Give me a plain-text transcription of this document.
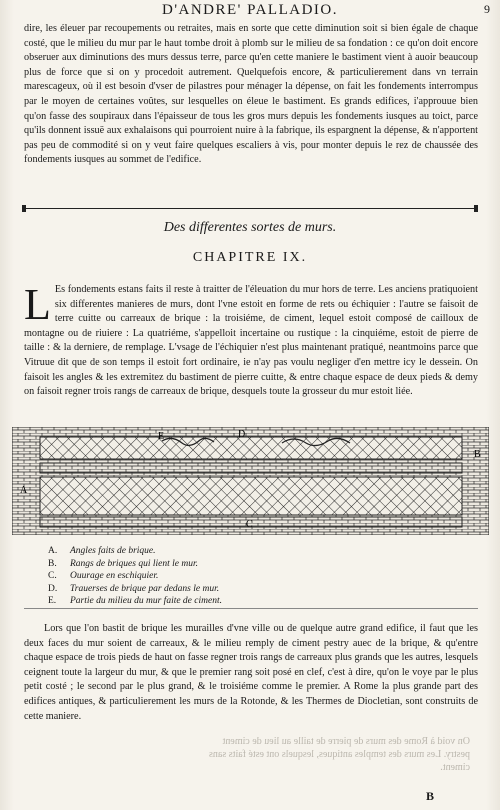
D'ANDRE' PALLADIO.	9

dire, les éleuer par recoupements ou retraites, mais en sorte que cette diminution soit si bien égale de chaque costé, que le milieu du mur par le haut tombe droit à plomb sur le milieu de sa fondation : ce qu'on doit encore obseruer aux diminutions des murs dessus terre, parce qu'en cette maniere le bastiment vient à auoir beaucoup plus de force que si on y procedoit autrement. Quelquefois encore, & particulierement dans vn terrain marescageux, où il est besoin d'vser de pilastres pour ménager la dépense, on fait les fondements interrompus par le moyen de certaines voûtes, sur lesquelles on éleue le bastiment. Es grands edifices, i'approuue bien qu'on fasse des soupiraux dans l'épaisseur de tous les gros murs depuis les fondements iusques au toict, parce qu'ils donnent issuë aux exhalaisons qui pourroient nuire à la fabrique, ils espargnent la dépense, & n'apportent pas peu de commodité si on y veut faire quelques escaliers à vis, pour monter depuis le rez de chaussée des fondements iusques au sommet de l'edifice.

Des differentes sortes de murs.
CHAPITRE IX.

L Es fondements estans faits il reste à traitter de l'éleuation du mur hors de terre. Les anciens pratiquoient six differentes manieres de murs, dont l'vne estoit en forme de rets ou échiquier : l'autre se faisoit de terre cuitte ou carreaux de brique : la troisiéme, de ciment, lequel estoit composé de cailloux de montagne ou de riuiere : La quatriéme, s'appelloit incertaine ou rustique : la cinquiéme, estoit de pierre de taille : & la derniere, de remplage. L'vsage de l'échiquier n'est plus maintenant pratiqué, neantmoins parce que Vitruue dit que de son temps il estoit fort ordinaire, ie n'ay pas voulu negliger d'en mettre icy le dessein. On faisoit les angles & les extremitez du bastiment de pierre cuitte, & entre chaque espace de deux pieds & demy on faisoit regner trois rangs de carreaux de brique, desquels toute la grosseur du mur estoit liée.

A
B
C
D
E
A.	Angles faits de brique.
B.	Rangs de briques qui lient le mur.
C.	Ouurage en eschiquier.
D.	Trauerses de brique par dedans le mur.
E.	Partie du milieu du mur faite de ciment.

Lors que l'on bastit de brique les murailles d'vne ville ou de quelque autre grand edifice, il faut que les deux faces du mur soient de carreaux, & le milieu remply de ciment pestry auec de la brique, & qu'entre chaque espace de trois pieds de haut on fasse regner trois rangs de carreaux plus grands que les autres, lesquels ceignent toute la largeur du mur, & que le premier rang soit posé en clef, c'est à dire, qu'on le voye par le plus petit costé ; le second par le plus grand, & le troisiéme comme le premier. A Rome la plus grande part des edifices antiques, & particulierement les murs de la Rotonde, & les Thermes de Diocletian, sont construits de cette maniere.

On void à Rome des murs de pierre de taille au lieu de ciment pestry. Les murs des temples antiques, lesquels ont esté faits sans ciment.
B
